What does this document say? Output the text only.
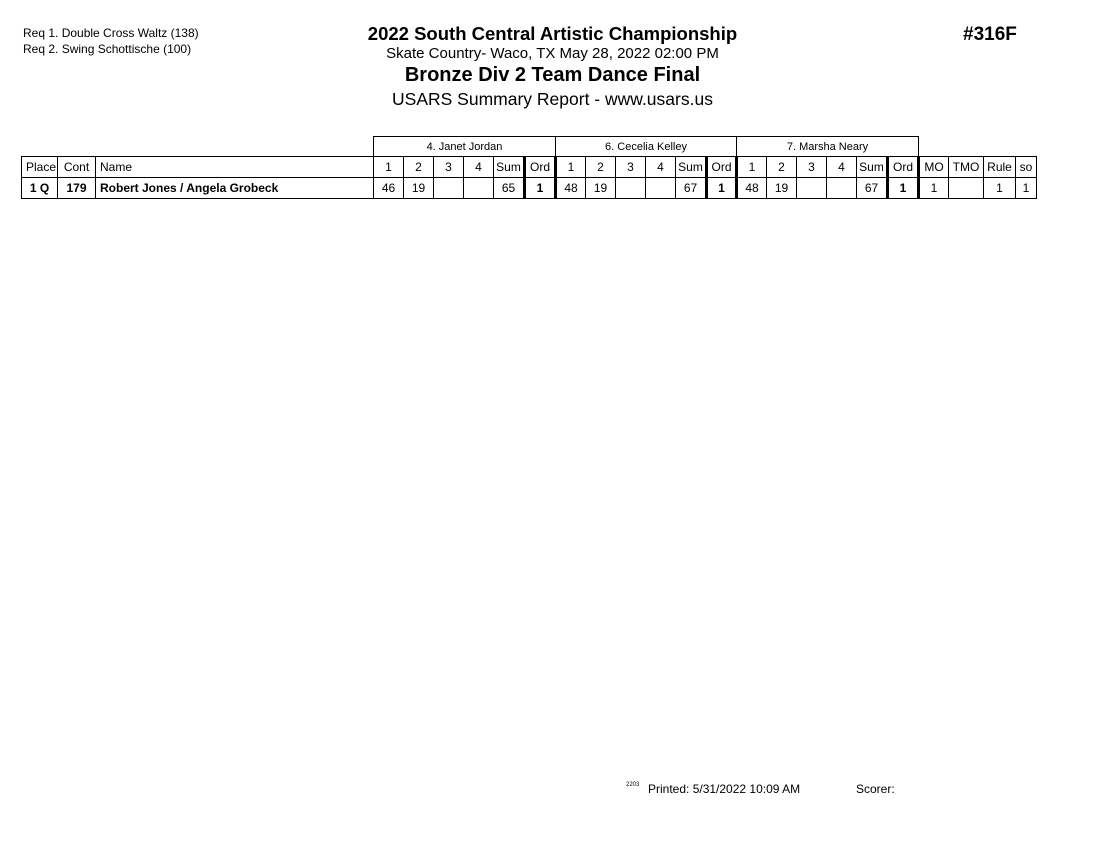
Req 1. Double Cross Waltz (138)
Req 2. Swing Schottische (100)
2022 South Central Artistic Championship
Skate Country- Waco, TX May 28, 2022 02:00 PM
Bronze Div 2 Team Dance Final
USARS Summary Report - www.usars.us
#316F
			4. Janet Jordan						6. Cecelia Kelley						7. Marsha Neary									
Place	Cont	Name	1	2	3	4	Sum	Ord	1	2	3	4	Sum	Ord	1	2	3	4	Sum	Ord	MO	TMO	Rule	so
1 Q	179	Robert Jones / Angela Grobeck	46	19			65	1	48	19			67	1	48	19			67	1	1		1	1
2203 Printed: 5/31/2022 10:09 AM	Scorer:
